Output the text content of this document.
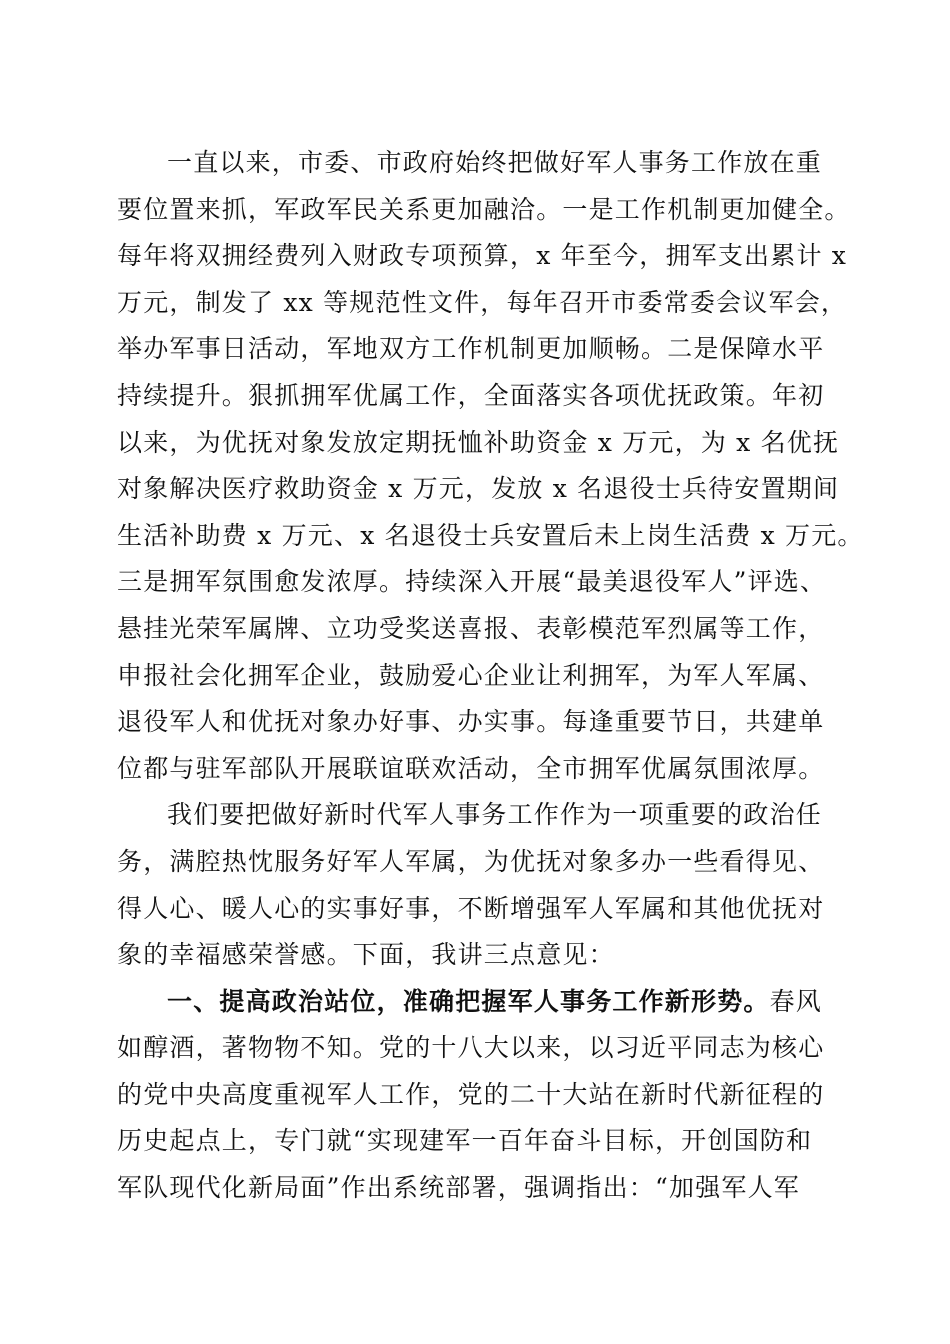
一直以来，市委、市政府始终把做好军人事务工作放在重
要位置来抓，军政军民关系更加融洽。一是工作机制更加健全。
每年将双拥经费列入财政专项预算，x 年至今，拥军支出累计 x
万元，制发了 xx 等规范性文件，每年召开市委常委会议军会，
举办军事日活动，军地双方工作机制更加顺畅。二是保障水平
持续提升。狠抓拥军优属工作，全面落实各项优抚政策。年初
以来，为优抚对象发放定期抚恤补助资金 x 万元，为 x 名优抚
对象解决医疗救助资金 x 万元，发放 x 名退役士兵待安置期间
生活补助费 x 万元、x 名退役士兵安置后未上岗生活费 x 万元。
三是拥军氛围愈发浓厚。持续深入开展“最美退役军人”评选、
悬挂光荣军属牌、立功受奖送喜报、表彰模范军烈属等工作，
申报社会化拥军企业，鼓励爱心企业让利拥军，为军人军属、
退役军人和优抚对象办好事、办实事。每逢重要节日，共建单
位都与驻军部队开展联谊联欢活动，全市拥军优属氛围浓厚。
我们要把做好新时代军人事务工作作为一项重要的政治任
务，满腔热忱服务好军人军属，为优抚对象多办一些看得见、
得人心、暖人心的实事好事，不断增强军人军属和其他优抚对
象的幸福感荣誉感。下面，我讲三点意见：
一、提高政治站位，准确把握军人事务工作新形势。春风
如醇酒，著物物不知。党的十八大以来，以习近平同志为核心
的党中央高度重视军人工作，党的二十大站在新时代新征程的
历史起点上，专门就“实现建军一百年奋斗目标，开创国防和
军队现代化新局面”作出系统部署，强调指出：“加强军人军
